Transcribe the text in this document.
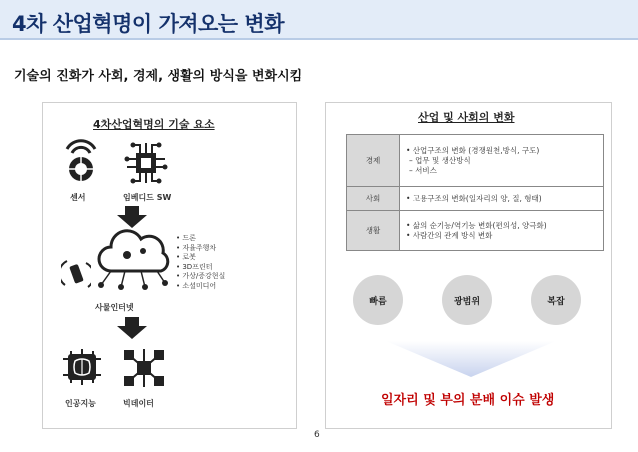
4차 산업혁명이 가져오는 변화
기술의 진화가 사회, 경제, 생활의 방식을 변화시킴
4차산업혁명의 기술 요소
센서	임베디드 SW
• 드론
• 자율주행차
• 로봇
• 3D프린터
• 가상/증강현실
• 소셜미디어
사물인터넷
인공지능	빅데이터
산업 및 사회의 변화
경제	• 산업구조의 변화 (경쟁원천,방식, 구도)
– 업무 및 생산방식
– 서비스

사회	• 고용구조의 변화(일자리의 양, 질, 형태)

생활	• 삶의 순기능/역기능 변화(편의성, 양극화)
• 사람간의 관계 방식 변화
빠름	광범위	복잡
일자리 및 부의 분배 이슈 발생
6
